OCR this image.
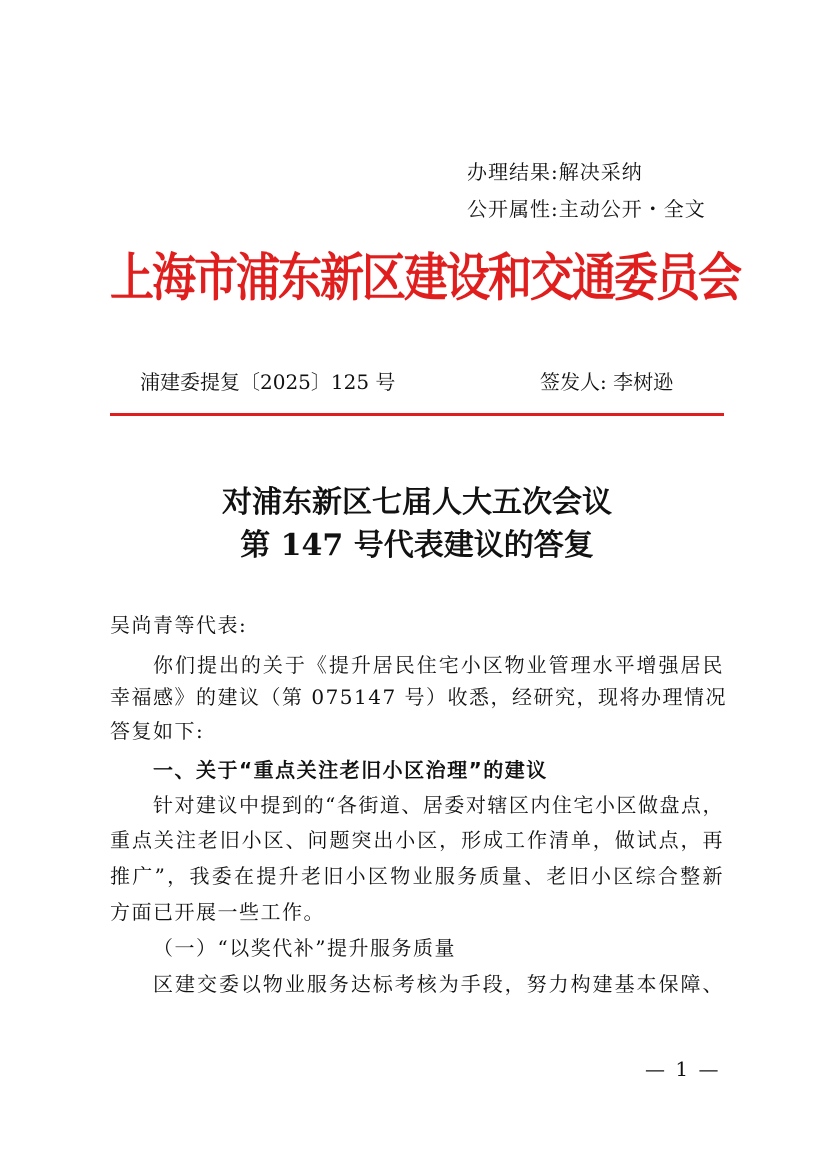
办理结果:解决采纳
公开属性:主动公开・全文
上海市浦东新区建设和交通委员会
浦建委提复〔2025〕125 号	签发人: 李树逊
对浦东新区七届人大五次会议
第 147 号代表建议的答复
吴尚青等代表:
你们提出的关于《提升居民住宅小区物业管理水平增强居民
幸福感》的建议（第 075147 号）收悉，经研究，现将办理情况
答复如下:
一、关于“重点关注老旧小区治理”的建议
针对建议中提到的“各街道、居委对辖区内住宅小区做盘点，
重点关注老旧小区、问题突出小区，形成工作清单，做试点，再
推广”，我委在提升老旧小区物业服务质量、老旧小区综合整新
方面已开展一些工作。
（一）“以奖代补”提升服务质量
区建交委以物业服务达标考核为手段，努力构建基本保障、
— 1 —
